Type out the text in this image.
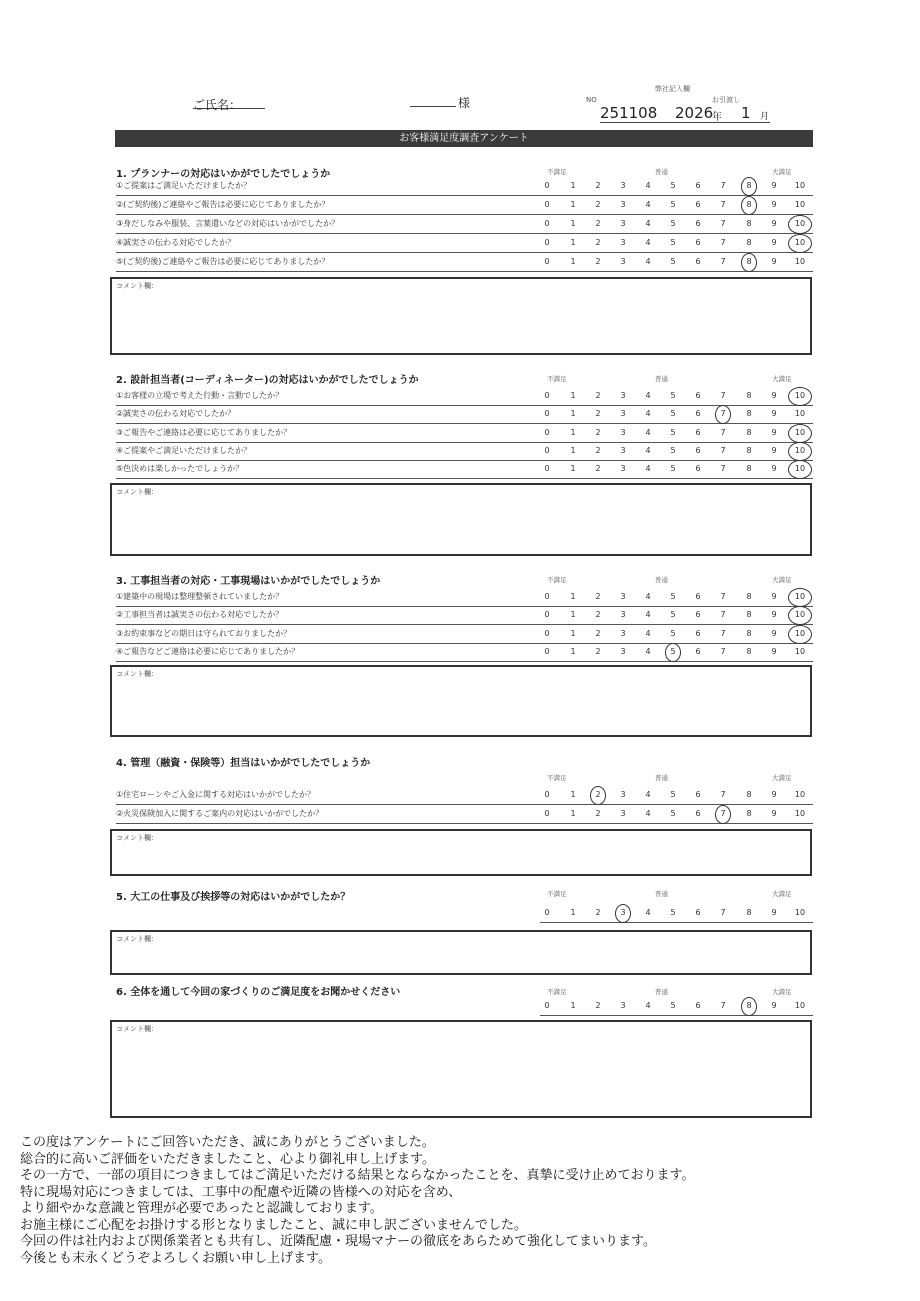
ご氏名：	様	NO
弊社記入欄
お引渡し
251108 2026
年 1 月
お客様満足度調査アンケート
1. プランナーの対応はいかがでしたでしょうか	不満足	普通	大満足
①ご提案はご満足いただけましたか？	0	1	2	3	4	5	6	7	8	9	10
②(ご契約後)ご連絡やご報告は必要に応じてありましたか？	0	1	2	3	4	5	6	7	8	9	10
③身だしなみや服装、言葉遣いなどの対応はいかがでしたか？	0	1	2	3	4	5	6	7	8	9	10
④誠実さの伝わる対応でしたか？	0	1	2	3	4	5	6	7	8	9	10
⑤(ご契約後)ご連絡やご報告は必要に応じてありましたか？	0	1	2	3	4	5	6	7	8	9	10
コメント欄：
2. 設計担当者(コーディネーター)の対応はいかがでしたでしょうか	不満足	普通	大満足
①お客様の立場で考えた行動・言動でしたか？	0	1	2	3	4	5	6	7	8	9	10
②誠実さの伝わる対応でしたか？	0	1	2	3	4	5	6	7	8	9	10
③ご報告やご連絡は必要に応じてありましたか？	0	1	2	3	4	5	6	7	8	9	10
④ご提案やご満足いただけましたか？	0	1	2	3	4	5	6	7	8	9	10
⑤色決めは楽しかったでしょうか？	0	1	2	3	4	5	6	7	8	9	10
コメント欄：
3. 工事担当者の対応・工事現場はいかがでしたでしょうか	不満足	普通	大満足
①建築中の現場は整理整頓されていましたか？	0	1	2	3	4	5	6	7	8	9	10
②工事担当者は誠実さの伝わる対応でしたか？	0	1	2	3	4	5	6	7	8	9	10
③お約束事などの期日は守られておりましたか？	0	1	2	3	4	5	6	7	8	9	10
④ご報告などご連絡は必要に応じてありましたか？	0	1	2	3	4	5	6	7	8	9	10
コメント欄：
4. 管理（融資・保険等）担当はいかがでしたでしょうか
不満足	普通	大満足
①住宅ローンやご入金に関する対応はいかがでしたか？	0	1	2	3	4	5	6	7	8	9	10
②火災保険加入に関するご案内の対応はいかがでしたか？	0	1	2	3	4	5	6	7	8	9	10
コメント欄：
5. 大工の仕事及び挨拶等の対応はいかがでしたか？	不満足	普通	大満足
0	1	2	3	4	5	6	7	8	9	10
コメント欄：
6. 全体を通して今回の家づくりのご満足度をお聞かせください	不満足	普通	大満足
0	1	2	3	4	5	6	7	8	9	10
コメント欄：
この度はアンケートにご回答いただき、誠にありがとうございました。
総合的に高いご評価をいただきましたこと、心より御礼申し上げます。
その一方で、一部の項目につきましてはご満足いただける結果とならなかったことを、真摯に受け止めております。
特に現場対応につきましては、工事中の配慮や近隣の皆様への対応を含め、
より細やかな意識と管理が必要であったと認識しております。
お施主様にご心配をお掛けする形となりましたこと、誠に申し訳ございませんでした。
今回の件は社内および関係業者とも共有し、近隣配慮・現場マナーの徹底をあらためて強化してまいります。
今後とも末永くどうぞよろしくお願い申し上げます。
